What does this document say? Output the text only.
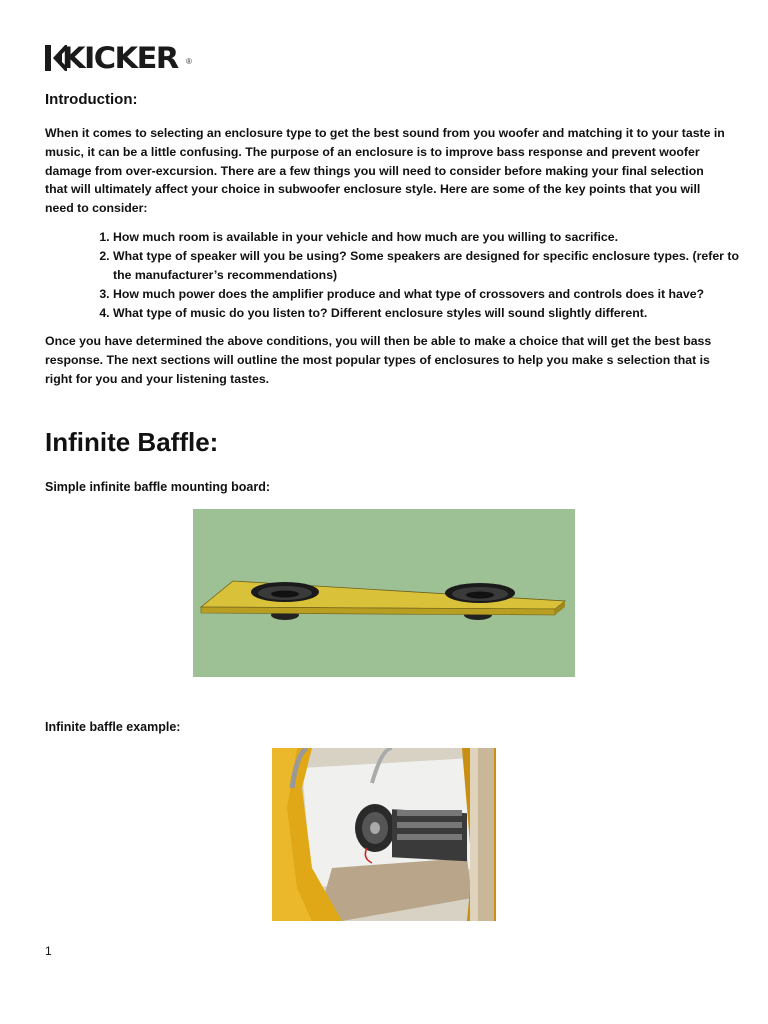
KICKER ®
Introduction:

When it comes to selecting an enclosure type to get the best sound from you woofer and matching it to your taste in music, it can be a little confusing. The purpose of an enclosure is to improve bass response and prevent woofer damage from over-excursion. There are a few things you will need to consider before making your final selection that will ultimately affect your choice in subwoofer enclosure style. Here are some of the key points that you will need to consider:

1. How much room is available in your vehicle and how much are you willing to sacrifice.
2. What type of speaker will you be using? Some speakers are designed for specific enclosure types. (refer to the manufacturer’s recommendations)
3. How much power does the amplifier produce and what type of crossovers and controls does it have?
4. What type of music do you listen to? Different enclosure styles will sound slightly different.

Once you have determined the above conditions, you will then be able to make a choice that will get the best bass response. The next sections will outline the most popular types of enclosures to help you make s selection that is right for you and your listening tastes.

Infinite Baffle:

Simple infinite baffle mounting board:

Infinite baffle example:

1
